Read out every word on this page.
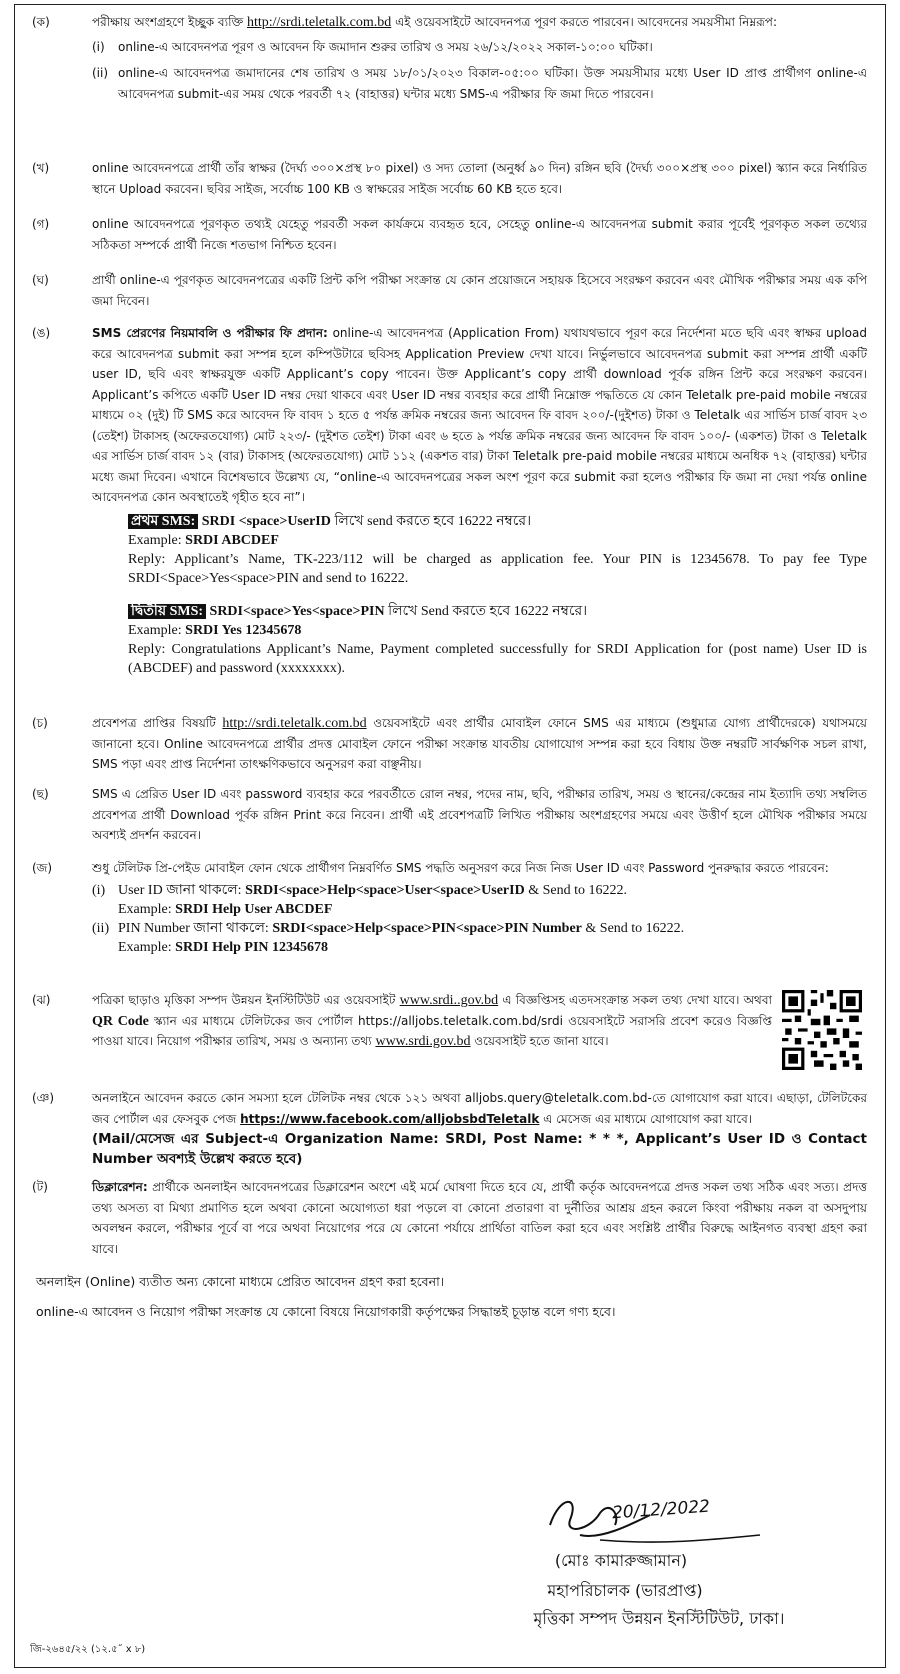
(ক)	পরীক্ষায় অংশগ্রহণে ইচ্ছুক ব্যক্তি http://srdi.teletalk.com.bd এই ওয়েবসাইটে আবেদনপত্র পূরণ করতে পারবেন। আবেদনের সময়সীমা নিম্নরূপ:

(i)	online-এ আবেদনপত্র পূরণ ও আবেদন ফি জমাদান শুরুর তারিখ ও সময় ২৬/১২/২০২২ সকাল-১০:০০ ঘটিকা।
(ii) online-এ আবেদনপত্র জমাদানের শেষ তারিখ ও সময় ১৮/০১/২০২৩ বিকাল-০৫:০০ ঘটিকা। উক্ত সময়সীমার মধ্যে User ID প্রাপ্ত প্রার্থীগণ online-এ আবেদনপত্র submit-এর সময় থেকে পরবর্তী ৭২ (বাহাত্তর) ঘন্টার মধ্যে SMS-এ পরীক্ষার ফি জমা দিতে পারবেন।
(খ)	online আবেদনপত্রে প্রার্থী তাঁর স্বাক্ষর (দৈর্ঘ্য ৩০০×প্রস্থ ৮০ pixel) ও সদ্য তোলা (অনুর্ধ্ব ৯০ দিন) রঙ্গিন ছবি (দৈর্ঘ্য ৩০০×প্রস্থ ৩০০ pixel) স্ক্যান করে নির্ধারিত স্থানে Upload করবেন। ছবির সাইজ, সর্বোচ্চ 100 KB ও স্বাক্ষরের সাইজ সর্বোচ্চ 60 KB হতে হবে।
(গ)	online আবেদনপত্রে পূরণকৃত তথ্যই যেহেতু পরবর্তী সকল কার্যক্রমে ব্যবহৃত হবে, সেহেতু online-এ আবেদনপত্র submit করার পূর্বেই পূরণকৃত সকল তথ্যের সঠিকতা সম্পর্কে প্রার্থী নিজে শতভাগ নিশ্চিত হবেন।
(ঘ)	প্রার্থী online-এ পূরণকৃত আবেদনপত্রের একটি প্রিন্ট কপি পরীক্ষা সংক্রান্ত যে কোন প্রয়োজনে সহায়ক হিসেবে সংরক্ষণ করবেন এবং মৌখিক পরীক্ষার সময় এক কপি জমা দিবেন।
(ঙ)	SMS প্রেরণের নিয়মাবলি ও পরীক্ষার ফি প্রদান: online-এ আবেদনপত্র (Application From) যথাযথভাবে পূরণ করে নির্দেশনা মতে ছবি এবং স্বাক্ষর upload করে আবেদনপত্র submit করা সম্পন্ন হলে কম্পিউটারে ছবিসহ Application Preview দেখা যাবে। নির্ভুলভাবে আবেদনপত্র submit করা সম্পন্ন প্রার্থী একটি user ID, ছবি এবং স্বাক্ষরযুক্ত একটি Applicant’s copy পাবেন। উক্ত Applicant’s copy প্রার্থী download পূর্বক রঙ্গিন প্রিন্ট করে সংরক্ষণ করবেন। Applicant’s কপিতে একটি User ID নম্বর দেয়া থাকবে এবং User ID নম্বর ব্যবহার করে প্রার্থী নিম্নোক্ত পদ্ধতিতে যে কোন Teletalk pre-paid mobile নম্বরের মাধ্যমে ০২ (দুই) টি SMS করে আবেদন ফি বাবদ ১ হতে ৫ পর্যন্ত ক্রমিক নম্বরের জন্য আবেদন ফি বাবদ ২০০/-(দুইশত) টাকা ও Teletalk এর সার্ভিস চার্জ বাবদ ২৩ (তেইশ) টাকাসহ (অফেরতযোগ্য) মোট ২২৩/- (দুইশত তেইশ) টাকা এবং ৬ হতে ৯ পর্যন্ত ক্রমিক নম্বরের জন্য আবেদন ফি বাবদ ১০০/- (একশত) টাকা ও Teletalk এর সার্ভিস চার্জ বাবদ ১২ (বার) টাকাসহ (অফেরতযোগ্য) মোট ১১২ (একশত বার) টাকা Teletalk pre-paid mobile নম্বরের মাধ্যমে অনধিক ৭২ (বাহাত্তর) ঘন্টার মধ্যে জমা দিবেন। এখানে বিশেষভাবে উল্লেখ্য যে, “online-এ আবেদনপত্রের সকল অংশ পূরণ করে submit করা হলেও পরীক্ষার ফি জমা না দেয়া পর্যন্ত online আবেদনপত্র কোন অবস্থাতেই গৃহীত হবে না”।

প্রথম SMS: SRDI <space>UserID লিখে send করতে হবে 16222 নম্বরে।
Example: SRDI ABCDEF
Reply: Applicant’s Name, TK-223/112 will be charged as application fee. Your PIN is 12345678. To pay fee Type SRDI<Space>Yes<space>PIN and send to 16222.
দ্বিতীয় SMS: SRDI<space>Yes<space>PIN লিখে Send করতে হবে 16222 নম্বরে।
Example: SRDI Yes 12345678
Reply: Congratulations Applicant’s Name, Payment completed successfully for SRDI Application for (post name) User ID is (ABCDEF) and password (xxxxxxxx).
(চ)	প্রবেশপত্র প্রাপ্তির বিষয়টি http://srdi.teletalk.com.bd ওয়েবসাইটে এবং প্রার্থীর মোবাইল ফোনে SMS এর মাধ্যমে (শুধুমাত্র যোগ্য প্রার্থীদেরকে) যথাসময়ে জানানো হবে। Online আবেদনপত্রে প্রার্থীর প্রদত্ত মোবাইল ফোনে পরীক্ষা সংক্রান্ত যাবতীয় যোগাযোগ সম্পন্ন করা হবে বিধায় উক্ত নম্বরটি সার্বক্ষণিক সচল রাখা, SMS পড়া এবং প্রাপ্ত নির্দেশনা তাৎক্ষণিকভাবে অনুসরণ করা বাঞ্ছনীয়।

(ছ)	SMS এ প্রেরিত User ID এবং password ব্যবহার করে পরবর্তীতে রোল নম্বর, পদের নাম, ছবি, পরীক্ষার তারিখ, সময় ও স্থানের/কেন্দ্রের নাম ইত্যাদি তথ্য সম্বলিত প্রবেশপত্র প্রার্থী Download পূর্বক রঙ্গিন Print করে নিবেন। প্রার্থী এই প্রবেশপত্রটি লিখিত পরীক্ষায় অংশগ্রহণের সময়ে এবং উত্তীর্ণ হলে মৌখিক পরীক্ষার সময়ে অবশ্যই প্রদর্শন করবেন।
(জ)	শুধু টেলিটক প্রি-পেইড মোবাইল ফোন থেকে প্রার্থীগণ নিম্নবর্ণিত SMS পদ্ধতি অনুসরণ করে নিজ নিজ User ID এবং Password পুনরুদ্ধার করতে পারবেন:

(i) User ID জানা থাকলে: SRDI<space>Help<space>User<space>UserID & Send to 16222.
Example: SRDI Help User ABCDEF
(ii) PIN Number জানা থাকলে: SRDI<space>Help<space>PIN<space>PIN Number & Send to 16222.
Example: SRDI Help PIN 12345678
(ঝ)	পত্রিকা ছাড়াও মৃত্তিকা সম্পদ উন্নয়ন ইনস্টিটিউট এর ওয়েবসাইট www.srdi..gov.bd এ বিজ্ঞপ্তিসহ এতদসংক্রান্ত সকল তথ্য দেখা যাবে। অথবা QR Code স্ক্যান এর মাধ্যমে টেলিটকের জব পোর্টাল https://alljobs.teletalk.com.bd/srdi ওয়েবসাইটে সরাসরি প্রবেশ করেও বিজ্ঞপ্তি পাওয়া যাবে। নিয়োগ পরীক্ষার তারিখ, সময় ও অন্যান্য তথ্য www.srdi.gov.bd ওয়েবসাইট হতে জানা যাবে।

(ঞ)	অনলাইনে আবেদন করতে কোন সমস্যা হলে টেলিটক নম্বর থেকে ১২১ অথবা alljobs.query@teletalk.com.bd-তে যোগাযোগ করা যাবে। এছাড়া, টেলিটকের জব পোর্টাল এর ফেসবুক পেজ https://www.facebook.com/alljobsbdTeletalk এ মেসেজ এর মাধ্যমে যোগাযোগ করা যাবে।

(Mail/মেসেজ এর Subject-এ Organization Name: SRDI, Post Name: * * *, Applicant’s User ID ও Contact Number অবশ্যই উল্লেখ করতে হবে)

(ট)	ডিক্লারেশন: প্রার্থীকে অনলাইন আবেদনপত্রের ডিক্লারেশন অংশে এই মর্মে ঘোষণা দিতে হবে যে, প্রার্থী কর্তৃক আবেদনপত্রে প্রদত্ত সকল তথ্য সঠিক এবং সত্য। প্রদত্ত তথ্য অসত্য বা মিথ্যা প্রমাণিত হলে অথবা কোনো অযোগ্যতা ধরা পড়লে বা কোনো প্রতারণা বা দুর্নীতির আশ্রয় গ্রহন করলে কিংবা পরীক্ষায় নকল বা অসদুপায় অবলম্বন করলে, পরীক্ষার পূর্বে বা পরে অথবা নিয়োগের পরে যে কোনো পর্যায়ে প্রার্থিতা বাতিল করা হবে এবং সংশ্লিষ্ট প্রার্থীর বিরুদ্ধে আইনগত ব্যবস্থা গ্রহণ করা যাবে।

অনলাইন (Online) ব্যতীত অন্য কোনো মাধ্যমে প্রেরিত আবেদন গ্রহণ করা হবেনা।
online-এ আবেদন ও নিয়োগ পরীক্ষা সংক্রান্ত যে কোনো বিষয়ে নিয়োগকারী কর্তৃপক্ষের সিদ্ধান্তই চূড়ান্ত বলে গণ্য হবে।
20/12/2022
(মোঃ কামারুজ্জামান)
মহাপরিচালক (ভারপ্রাপ্ত)
মৃত্তিকা সম্পদ উন্নয়ন ইনস্টিটিউট, ঢাকা।
জি-২৬৪৫/২২ (১২.৫˝ x ৮)
